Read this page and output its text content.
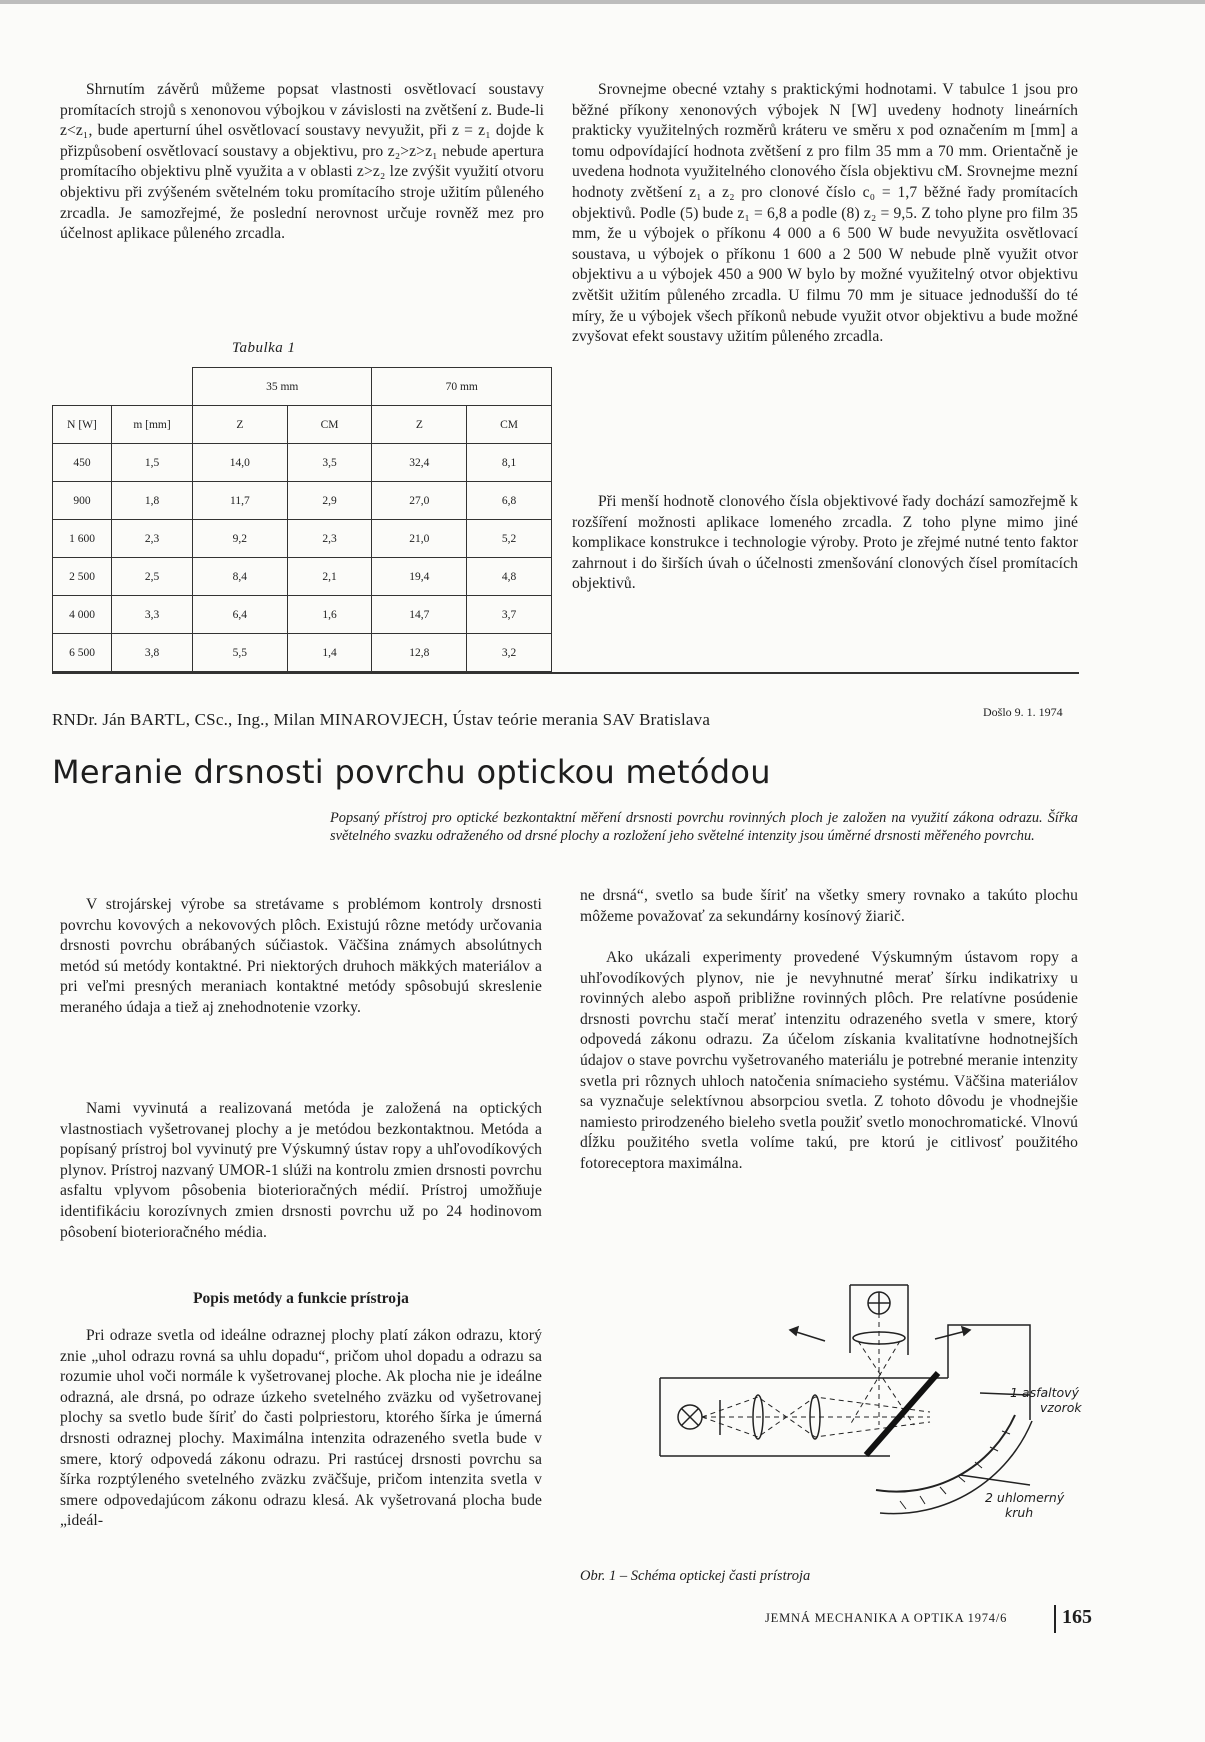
Shrnutím závěrů můžeme popsat vlastnosti osvětlovací soustavy promítacích strojů s xenonovou výbojkou v závislosti na zvětšení z. Bude-li z<z₁, bude aperturní úhel osvětlovací soustavy nevyužit, při z = z₁ dojde k přizpůsobení osvětlovací soustavy a objektivu, pro z₂>z>z₁ nebude apertura promítacího objektivu plně využita a v oblasti z>z₂ lze zvýšit využití otvoru objektivu při zvýšeném světelném toku promítacího stroje užitím půleného zrcadla. Je samozřejmé, že poslední nerovnost určuje rovněž mez pro účelnost aplikace půleného zrcadla.

Tabulka 1
		35 mm		70 mm	
N [W]	m [mm]	Z	CM	Z	CM
450	1,5	14,0	3,5	32,4	8,1
900	1,8	11,7	2,9	27,0	6,8
1 600	2,3	9,2	2,3	21,0	5,2
2 500	2,5	8,4	2,1	19,4	4,8
4 000	3,3	6,4	1,6	14,7	3,7
6 500	3,8	5,5	1,4	12,8	3,2

Srovnejme obecné vztahy s praktickými hodnotami. V tabulce 1 jsou pro běžné příkony xenonových výbojek N [W] uvedeny hodnoty lineárních prakticky využitelných rozměrů kráteru ve směru x pod označením m [mm] a tomu odpovídající hodnota zvětšení z pro film 35 mm a 70 mm. Orientačně je uvedena hodnota využitelného clonového čísla objektivu cM. Srovnejme mezní hodnoty zvětšení z₁ a z₂ pro clonové číslo c₀ = 1,7 běžné řady promítacích objektivů. Podle (5) bude z₁ = 6,8 a podle (8) z₂ = 9,5. Z toho plyne pro film 35 mm, že u výbojek o příkonu 4 000 a 6 500 W bude nevyužita osvětlovací soustava, u výbojek o příkonu 1 600 a 2 500 W nebude plně využit otvor objektivu a u výbojek 450 a 900 W bylo by možné využitelný otvor objektivu zvětšit užitím půleného zrcadla. U filmu 70 mm je situace jednodušší do té míry, že u výbojek všech příkonů nebude využit otvor objektivu a bude možné zvyšovat efekt soustavy užitím půleného zrcadla.

Při menší hodnotě clonového čísla objektivové řady dochází samozřejmě k rozšíření možnosti aplikace lomeného zrcadla. Z toho plyne mimo jiné komplikace konstrukce i technologie výroby. Proto je zřejmé nutné tento faktor zahrnout i do širších úvah o účelnosti zmenšování clonových čísel promítacích objektivů.

RNDr. Ján BARTL, CSc., Ing., Milan MINAROVJECH, Ústav teórie merania SAV Bratislava	Došlo 9. 1. 1974
Meranie drsnosti povrchu optickou metódou

Popsaný přístroj pro optické bezkontaktní měření drsnosti povrchu rovinných ploch je založen na využití zákona odrazu. Šířka světelného svazku odraženého od drsné plochy a rozložení jeho světelné intenzity jsou úměrné drsnosti měřeného povrchu.

V strojárskej výrobe sa stretávame s problémom kontroly drsnosti povrchu kovových a nekovových plôch. Existujú rôzne metódy určovania drsnosti povrchu obrábaných súčiastok. Väčšina známych absolútnych metód sú metódy kontaktné. Pri niektorých druhoch mäkkých materiálov a pri veľmi presných meraniach kontaktné metódy spôsobujú skreslenie meraného údaja a tiež aj znehodnotenie vzorky.

Nami vyvinutá a realizovaná metóda je založená na optických vlastnostiach vyšetrovanej plochy a je metódou bezkontaktnou. Metóda a popísaný prístroj bol vyvinutý pre Výskumný ústav ropy a uhľovodíkových plynov. Prístroj nazvaný UMOR-1 slúži na kontrolu zmien drsnosti povrchu asfaltu vplyvom pôsobenia bioterioračných médií. Prístroj umožňuje identifikáciu korozívnych zmien drsnosti povrchu už po 24 hodinovom pôsobení bioterioračného média.

Popis metódy a funkcie prístroja

Pri odraze svetla od ideálne odraznej plochy platí zákon odrazu, ktorý znie „uhol odrazu rovná sa uhlu dopadu“, pričom uhol dopadu a odrazu sa rozumie uhol voči normále k vyšetrovanej ploche. Ak plocha nie je ideálne odrazná, ale drsná, po odraze úzkeho svetelného zväzku od vyšetrovanej plochy sa svetlo bude šíriť do časti polpriestoru, ktorého šírka je úmerná drsnosti odraznej plochy. Maximálna intenzita odrazeného svetla bude v smere, ktorý odpovedá zákonu odrazu. Pri rastúcej drsnosti povrchu sa šírka rozptýleného svetelného zväzku zväčšuje, pričom intenzita svetla v smere odpovedajúcom zákonu odrazu klesá. Ak vyšetrovaná plocha bude „ideál-

ne drsná“, svetlo sa bude šíriť na všetky smery rovnako a takúto plochu môžeme považovať za sekundárny kosínový žiarič.

Ako ukázali experimenty provedené Výskumným ústavom ropy a uhľovodíkových plynov, nie je nevyhnutné merať šírku indikatrixy u rovinných alebo aspoň približne rovinných plôch. Pre relatívne posúdenie drsnosti povrchu stačí merať intenzitu odrazeného svetla v smere, ktorý odpovedá zákonu odrazu. Za účelom získania kvalitatívne hodnotnejších údajov o stave povrchu vyšetrovaného materiálu je potrebné meranie intenzity svetla pri rôznych uhloch natočenia snímacieho systému. Väčšina materiálov sa vyznačuje selektívnou absorpciou svetla. Z tohoto dôvodu je vhodnejšie namiesto prirodzeného bieleho svetla použiť svetlo monochromatické. Vlnovú dĺžku použitého svetla volíme takú, pre ktorú je citlivosť použitého fotoreceptora maximálna.

1 asfaltový
vzorok
2 uhlomerný
kruh
Obr. 1 – Schéma optickej časti prístroja
JEMNÁ MECHANIKA A OPTIKA 1974/6	165
